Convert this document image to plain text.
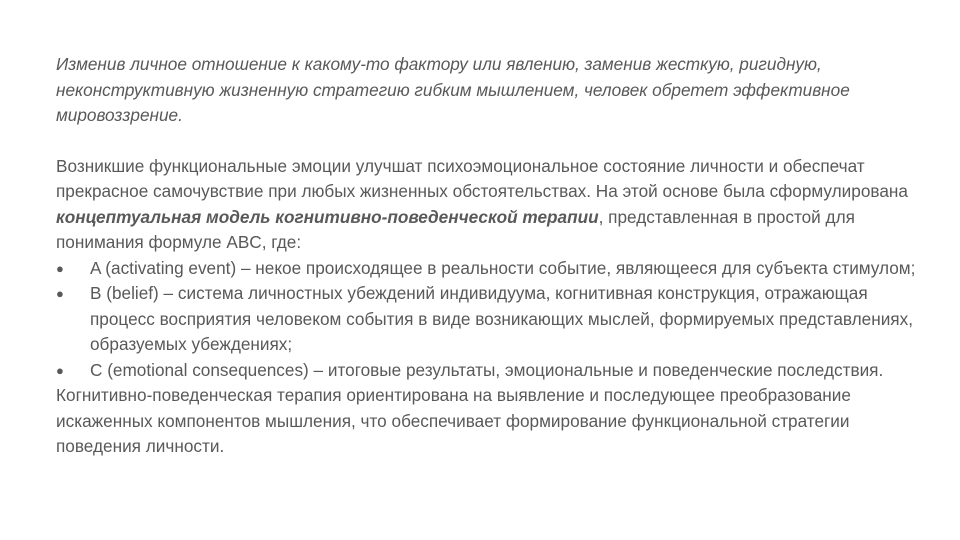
Изменив личное отношение к какому-то фактору или явлению, заменив жесткую, ригидную, неконструктивную жизненную стратегию гибким мышлением, человек обретет эффективное мировоззрение.

Возникшие функциональные эмоции улучшат психоэмоциональное состояние личности и обеспечат прекрасное самочувствие при любых жизненных обстоятельствах. На этой основе была сформулирована концептуальная модель когнитивно-поведенческой терапии, представленная в простой для понимания формуле ABC, где:

●	A (activating event) – некое происходящее в реальности событие, являющееся для субъекта стимулом;
●	B (belief) – система личностных убеждений индивидуума, когнитивная конструкция, отражающая процесс восприятия человеком события в виде возникающих мыслей, формируемых представлениях, образуемых убеждениях;
●	C (emotional consequences) – итоговые результаты, эмоциональные и поведенческие последствия.

Когнитивно-поведенческая терапия ориентирована на выявление и последующее преобразование искаженных компонентов мышления, что обеспечивает формирование функциональной стратегии поведения личности.
